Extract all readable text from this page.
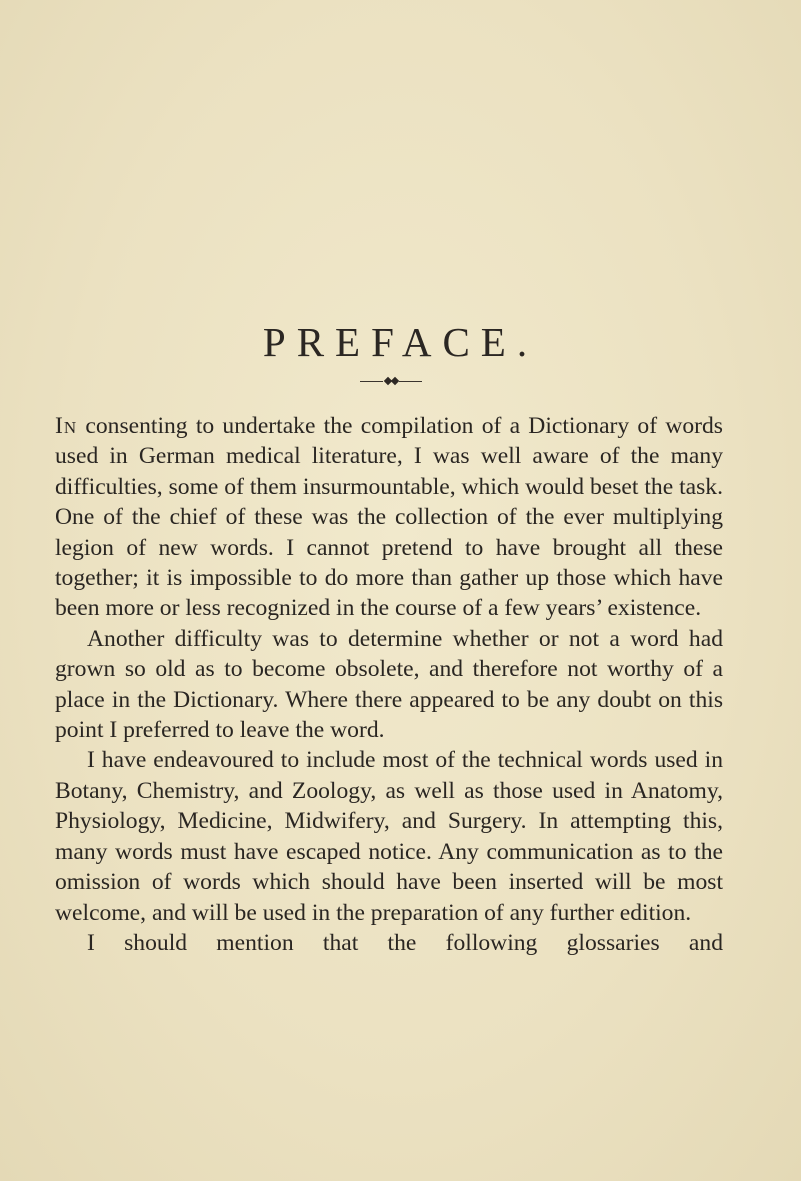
PREFACE.

In consenting to undertake the compilation of a Dictionary of words used in German medical literature, I was well aware of the many difficulties, some of them insurmountable, which would beset the task. One of the chief of these was the collection of the ever multiplying legion of new words. I cannot pretend to have brought all these together; it is impossible to do more than gather up those which have been more or less recognized in the course of a few years’ existence.

Another difficulty was to determine whether or not a word had grown so old as to become obsolete, and therefore not worthy of a place in the Dictionary. Where there appeared to be any doubt on this point I preferred to leave the word.

I have endeavoured to include most of the technical words used in Botany, Chemistry, and Zoology, as well as those used in Anatomy, Physiology, Medicine, Midwifery, and Surgery. In attempting this, many words must have escaped notice. Any communication as to the omission of words which should have been inserted will be most welcome, and will be used in the preparation of any further edition.

I should mention that the following glossaries and
